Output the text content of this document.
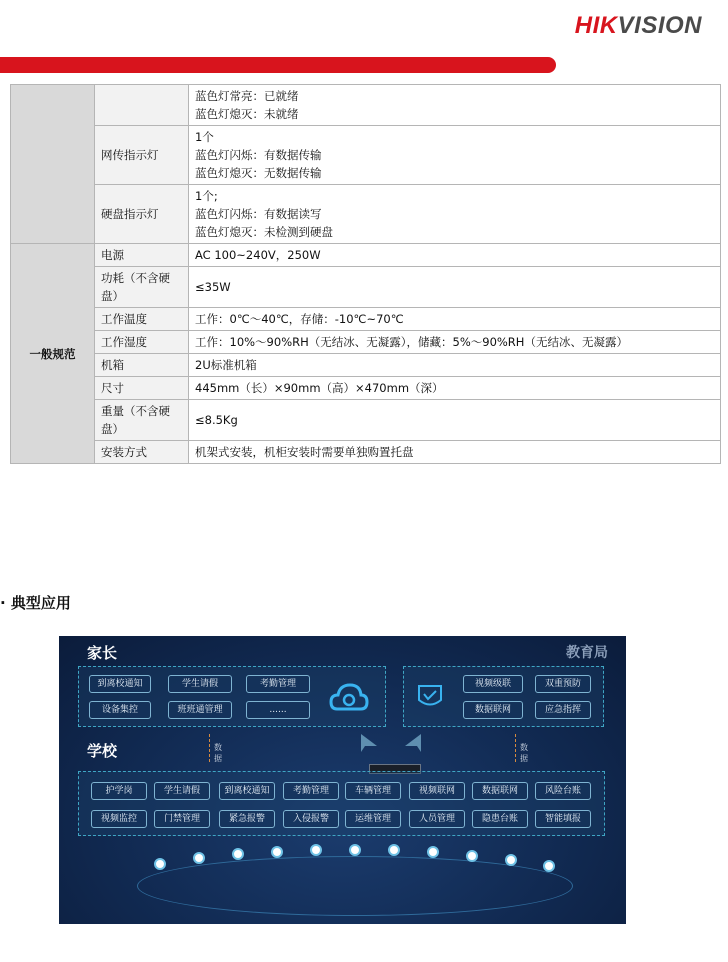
HIKVISION

		蓝色灯常亮：已就绪
蓝色灯熄灭：未就绪

	网传指示灯	1个
蓝色灯闪烁：有数据传输
蓝色灯熄灭：无数据传输

	硬盘指示灯	1个;
蓝色灯闪烁：有数据读写
蓝色灯熄灭：未检测到硬盘

一般规范	电源	AC 100~240V，250W
	功耗（不含硬盘）	≤35W
	工作温度	工作：0℃～40℃，存储：-10℃~70℃
	工作湿度	工作：10%～90%RH（无结冰、无凝露），储藏：5%～90%RH（无结冰、无凝露）
	机箱	2U标准机箱
	尺寸	445mm（长）×90mm（高）×470mm（深）
	重量（不含硬盘）	≤8.5Kg
	安装方式	机架式安装，机柜安装时需要单独购置托盘
· 典型应用
家长	教育局
到离校通知	学生请假	考勤管理
设备集控	班班通管理	......
视频级联	双重预防
数据联网	应急指挥
学校	数据
数据
护学岗	学生请假	到离校通知	考勤管理	车辆管理	视频联网	数据联网	风险台账
视频监控	门禁管理	紧急报警	入侵报警	运维管理	人员管理	隐患台账	智能填报
